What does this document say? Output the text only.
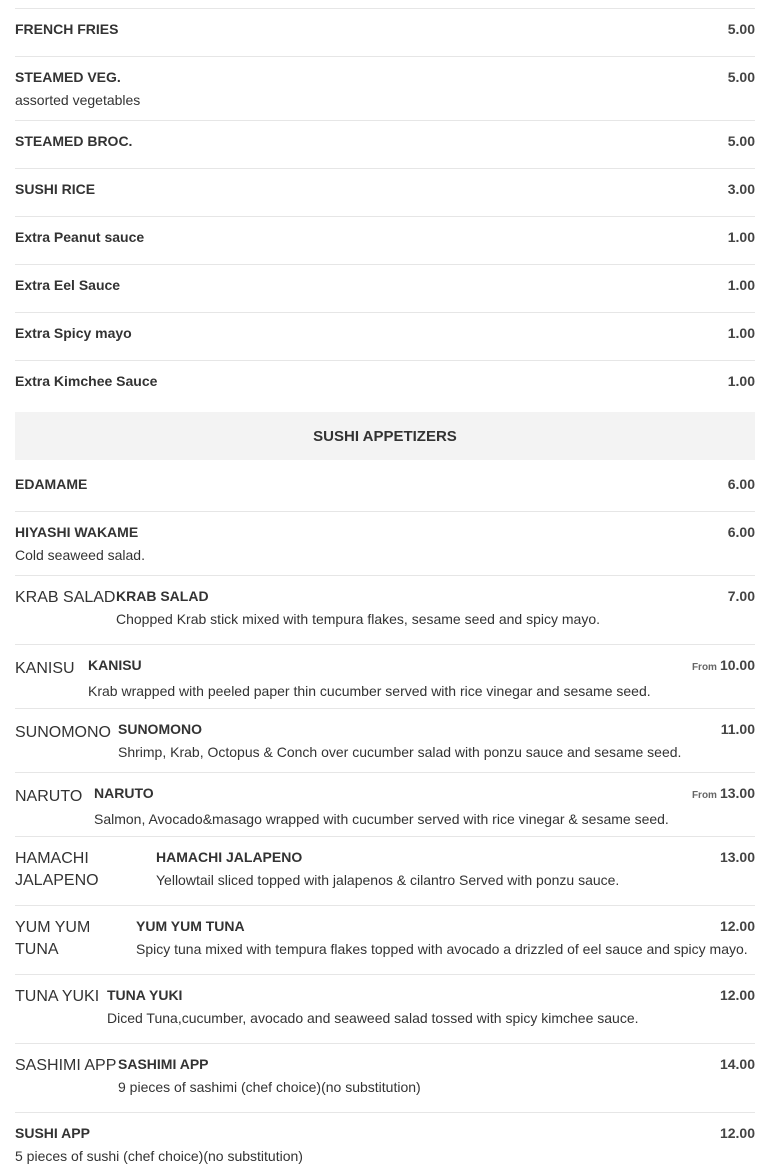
FRENCH FRIES	5.00
STEAMED VEG.	5.00
assorted vegetables
STEAMED BROC.	5.00
SUSHI RICE	3.00
Extra Peanut sauce	1.00
Extra Eel Sauce	1.00
Extra Spicy mayo	1.00
Extra Kimchee Sauce	1.00
SUSHI APPETIZERS
EDAMAME	6.00
HIYASHI WAKAME	6.00
Cold seaweed salad.
KRAB SALAD KRAB SALAD	7.00
Chopped Krab stick mixed with tempura flakes, sesame seed and spicy mayo.
KANISU KANISU	From 10.00
Krab wrapped with peeled paper thin cucumber served with rice vinegar and sesame seed.
SUNOMONO SUNOMONO	11.00
Shrimp, Krab, Octopus & Conch over cucumber salad with ponzu sauce and sesame seed.
NARUTO NARUTO	From 13.00
Salmon, Avocado&masago wrapped with cucumber served with rice vinegar & sesame seed.
HAMACHI JALAPENO
HAMACHI JALAPENO	13.00
Yellowtail sliced topped with jalapenos & cilantro Served with ponzu sauce.
YUM YUM TUNA
YUM YUM TUNA	12.00
Spicy tuna mixed with tempura flakes topped with avocado a drizzled of eel sauce and spicy mayo.
TUNA YUKI TUNA YUKI	12.00
Diced Tuna,cucumber, avocado and seaweed salad tossed with spicy kimchee sauce.
SASHIMI APP SASHIMI APP	14.00
9 pieces of sashimi (chef choice)(no substitution)
SUSHI APP	12.00
5 pieces of sushi (chef choice)(no substitution)
